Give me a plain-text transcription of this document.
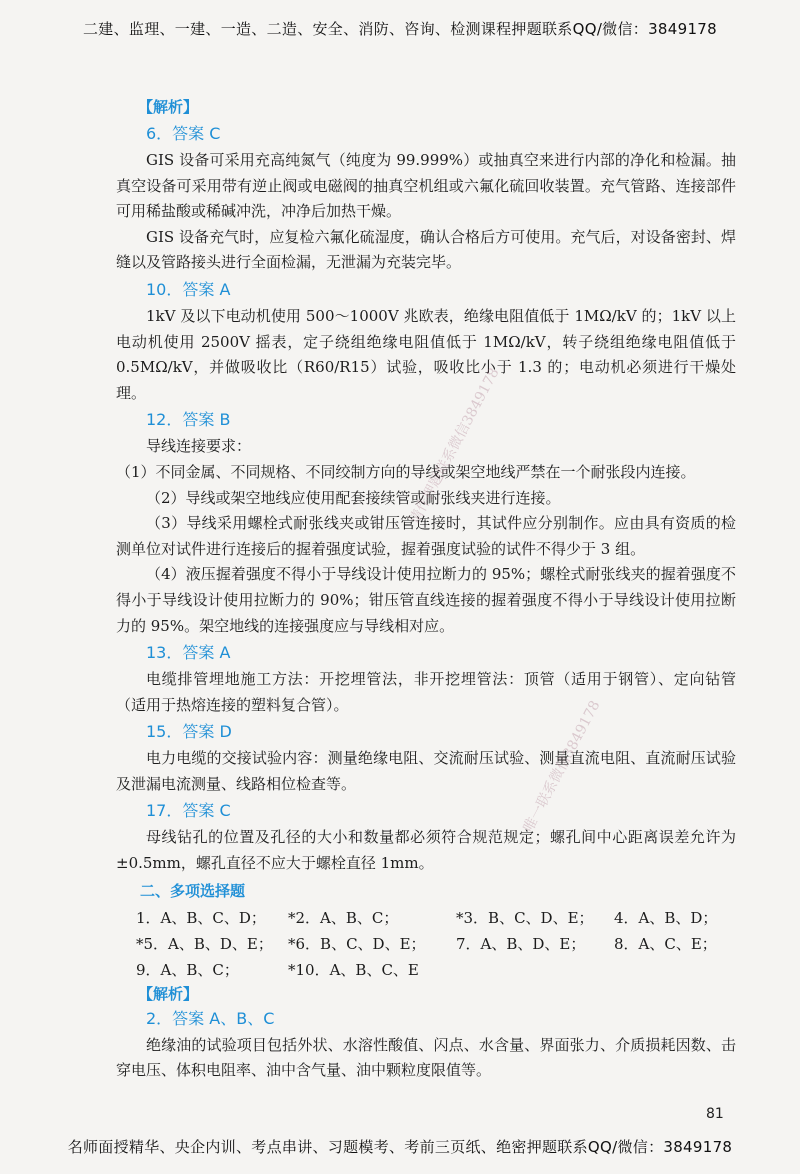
二建、监理、一建、一造、二造、安全、消防、咨询、检测课程押题联系QQ/微信：3849178
【解析】
6．答案 C

GIS 设备可采用充高纯氮气（纯度为 99.999%）或抽真空来进行内部的净化和检漏。抽真空设备可采用带有逆止阀或电磁阀的抽真空机组或六氟化硫回收装置。充气管路、连接部件可用稀盐酸或稀碱冲洗，冲净后加热干燥。

GIS 设备充气时，应复检六氟化硫湿度，确认合格后方可使用。充气后，对设备密封、焊缝以及管路接头进行全面检漏，无泄漏为充装完毕。

10．答案 A

1kV 及以下电动机使用 500～1000V 兆欧表，绝缘电阻值低于 1MΩ/kV 的；1kV 以上电动机使用 2500V 摇表，定子绕组绝缘电阻值低于 1MΩ/kV，转子绕组绝缘电阻值低于 0.5MΩ/kV，并做吸收比（R60/R15）试验，吸收比小于 1.3 的；电动机必须进行干燥处理。

12．答案 B

导线连接要求：

（1）不同金属、不同规格、不同绞制方向的导线或架空地线严禁在一个耐张段内连接。

（2）导线或架空地线应使用配套接续管或耐张线夹进行连接。

（3）导线采用螺栓式耐张线夹或钳压管连接时，其试件应分别制作。应由具有资质的检测单位对试件进行连接后的握着强度试验，握着强度试验的试件不得少于 3 组。

（4）液压握着强度不得小于导线设计使用拉断力的 95%；螺栓式耐张线夹的握着强度不得小于导线设计使用拉断力的 90%；钳压管直线连接的握着强度不得小于导线设计使用拉断力的 95%。架空地线的连接强度应与导线相对应。

13．答案 A

电缆排管埋地施工方法：开挖埋管法，非开挖埋管法：顶管（适用于钢管）、定向钻管（适用于热熔连接的塑料复合管）。

15．答案 D

电力电缆的交接试验内容：测量绝缘电阻、交流耐压试验、测量直流电阻、直流耐压试验及泄漏电流测量、线路相位检查等。

17．答案 C

母线钻孔的位置及孔径的大小和数量都必须符合规范规定；螺孔间中心距离误差允许为 ±0.5mm，螺孔直径不应大于螺栓直径 1mm。

二、多项选择题
1．A、B、C、D； *2．A、B、C；	*3．B、C、D、E； 4．A、B、D；
*5．A、B、D、E； *6．B、C、D、E； 7．A、B、D、E； 8．A、C、E；
9．A、B、C；	*10．A、B、C、E
【解析】
2．答案 A、B、C

绝缘油的试验项目包括外状、水溶性酸值、闪点、水含量、界面张力、介质损耗因数、击穿电压、体积电阻率、油中含气量、油中颗粒度限值等。

请作押题联系微信3849178
唯一联系微信3849178
81
名师面授精华、央企内训、考点串讲、习题模考、考前三页纸、绝密押题联系QQ/微信：3849178
